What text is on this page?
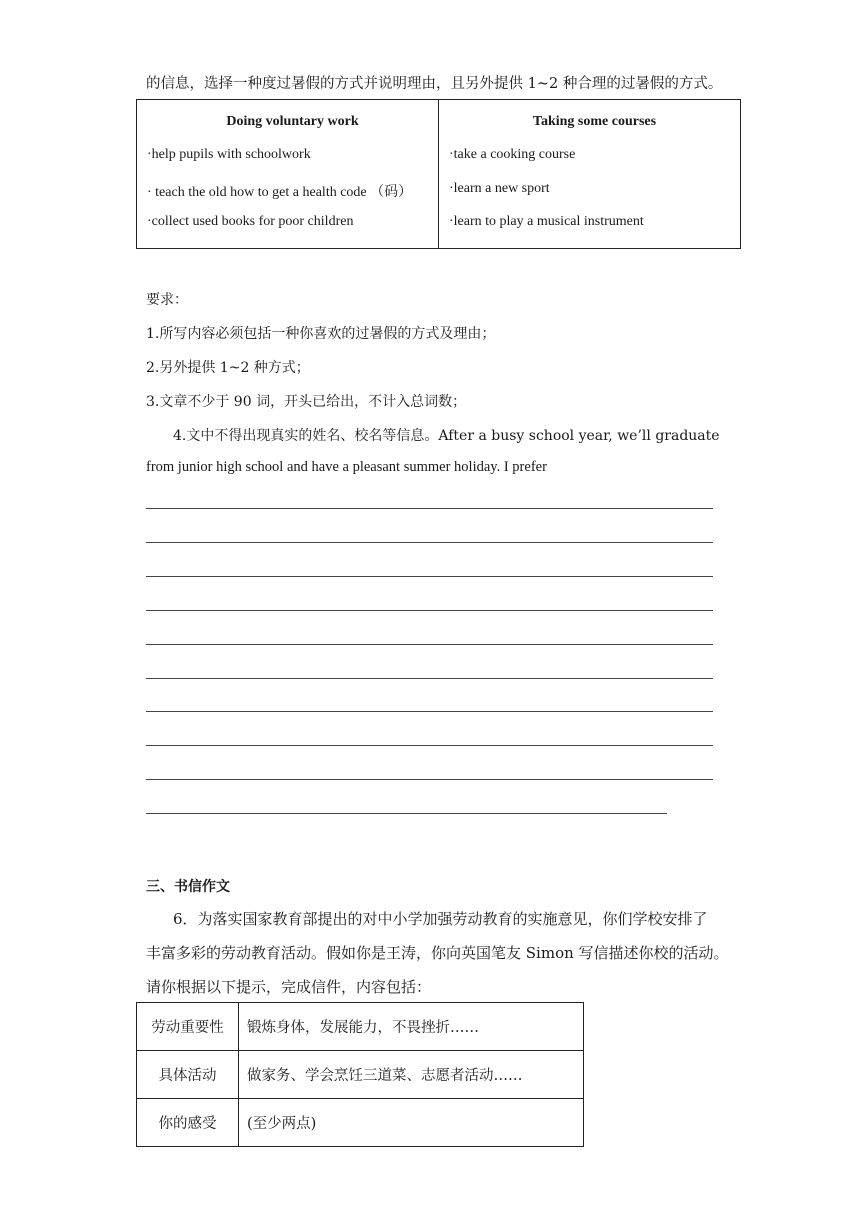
的信息，选择一种度过暑假的方式并说明理由，且另外提供 1~2 种合理的过暑假的方式。
Doing voluntary work
·help pupils with schoolwork
· teach the old how to get a health code （码）
·collect used books for poor children

Taking some courses
·take a cooking course
·learn a new sport
·learn to play a musical instrument
要求：
1.所写内容必须包括一种你喜欢的过暑假的方式及理由；
2.另外提供 1~2 种方式；
3.文章不少于 90 词，开头已给出，不计入总词数；
4.文中不得出现真实的姓名、校名等信息。After a busy school year, we’ll graduate
from junior high school and have a pleasant summer holiday. I prefer
三、书信作文
6．为落实国家教育部提出的对中小学加强劳动教育的实施意见，你们学校安排了
丰富多彩的劳动教育活动。假如你是王涛，你向英国笔友 Simon 写信描述你校的活动。
请你根据以下提示，完成信件，内容包括：
劳动重要性	锻炼身体，发展能力，不畏挫折……
具体活动	做家务、学会烹饪三道菜、志愿者活动……
你的感受	(至少两点)
